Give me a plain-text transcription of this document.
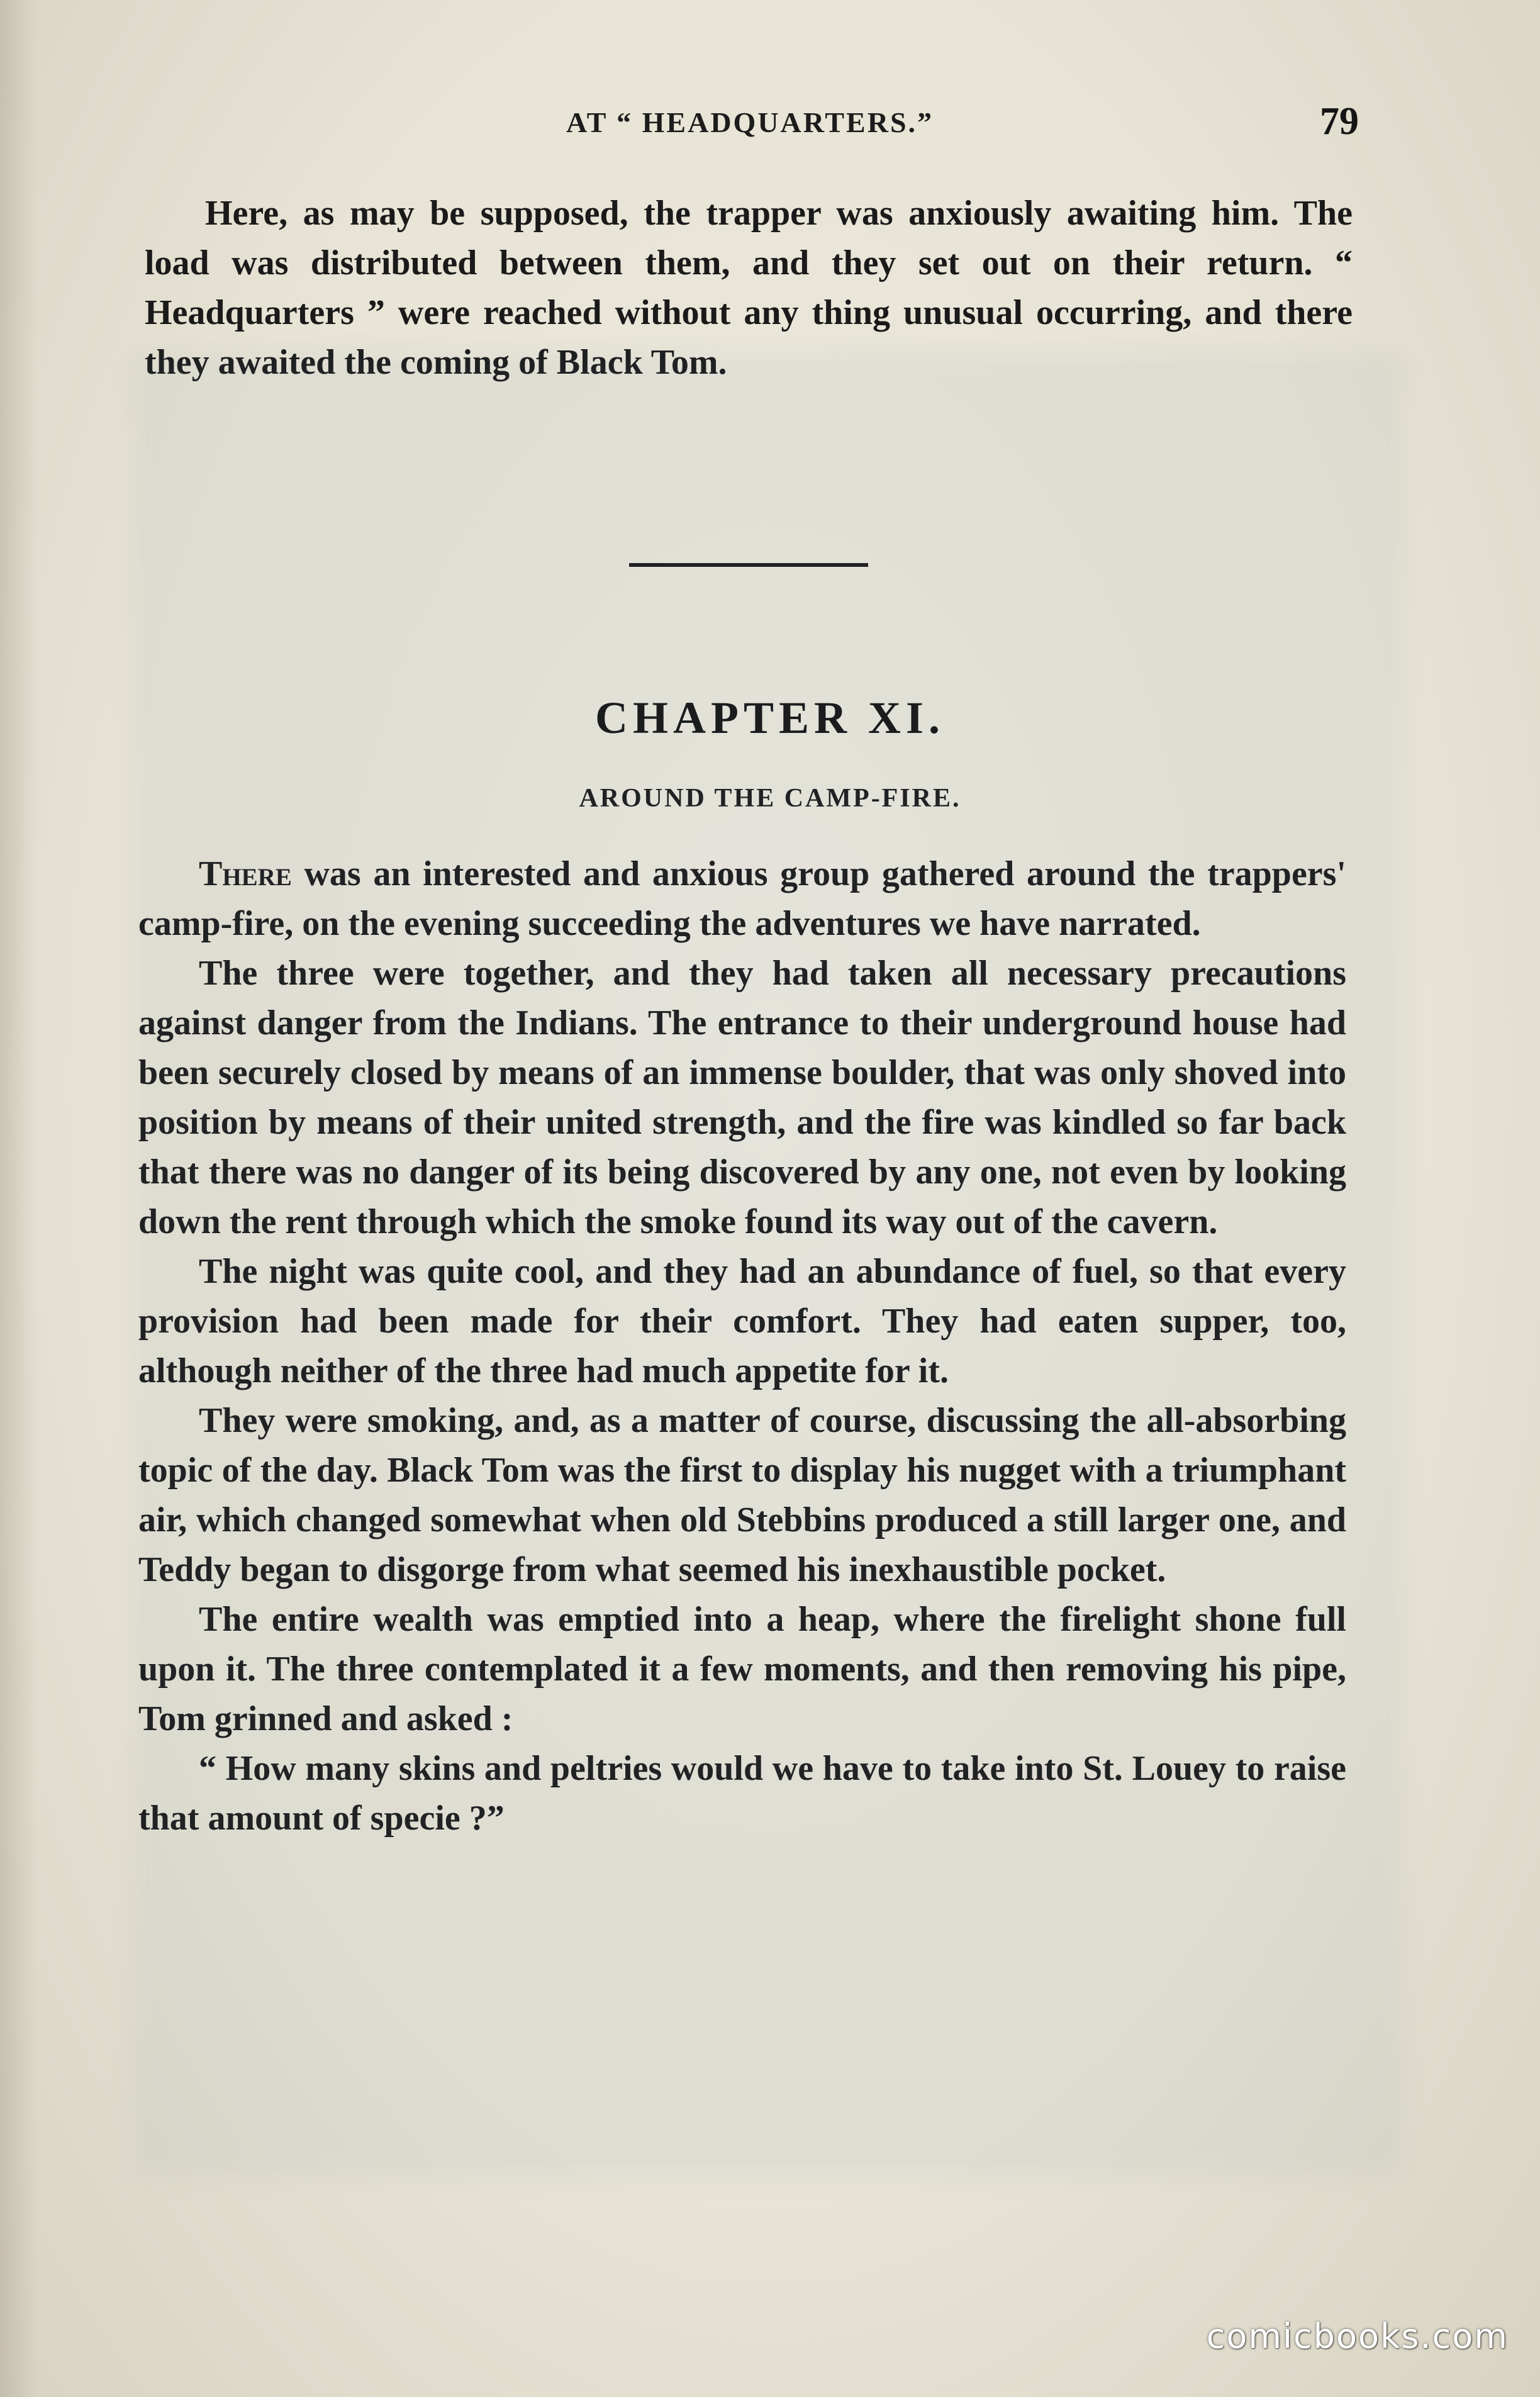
AT “ HEADQUARTERS.”	79

Here, as may be supposed, the trapper was anxiously awaiting him. The load was distributed between them, and they set out on their return. “ Headquarters ” were reached without any thing unusual occurring, and there they awaited the coming of Black Tom.

CHAPTER XI.
AROUND THE CAMP-FIRE.

There was an interested and anxious group gathered around the trappers' camp-fire, on the evening succeeding the adventures we have narrated.

The three were together, and they had taken all necessary precautions against danger from the Indians. The entrance to their underground house had been securely closed by means of an immense boulder, that was only shoved into position by means of their united strength, and the fire was kindled so far back that there was no danger of its being discovered by any one, not even by looking down the rent through which the smoke found its way out of the cavern.

The night was quite cool, and they had an abundance of fuel, so that every provision had been made for their comfort. They had eaten supper, too, although neither of the three had much appetite for it.

They were smoking, and, as a matter of course, discussing the all-absorbing topic of the day. Black Tom was the first to display his nugget with a triumphant air, which changed somewhat when old Stebbins produced a still larger one, and Teddy began to disgorge from what seemed his inexhaustible pocket.

The entire wealth was emptied into a heap, where the firelight shone full upon it. The three contemplated it a few moments, and then removing his pipe, Tom grinned and asked :

“ How many skins and peltries would we have to take into St. Louey to raise that amount of specie ?”

comicbooks.com
